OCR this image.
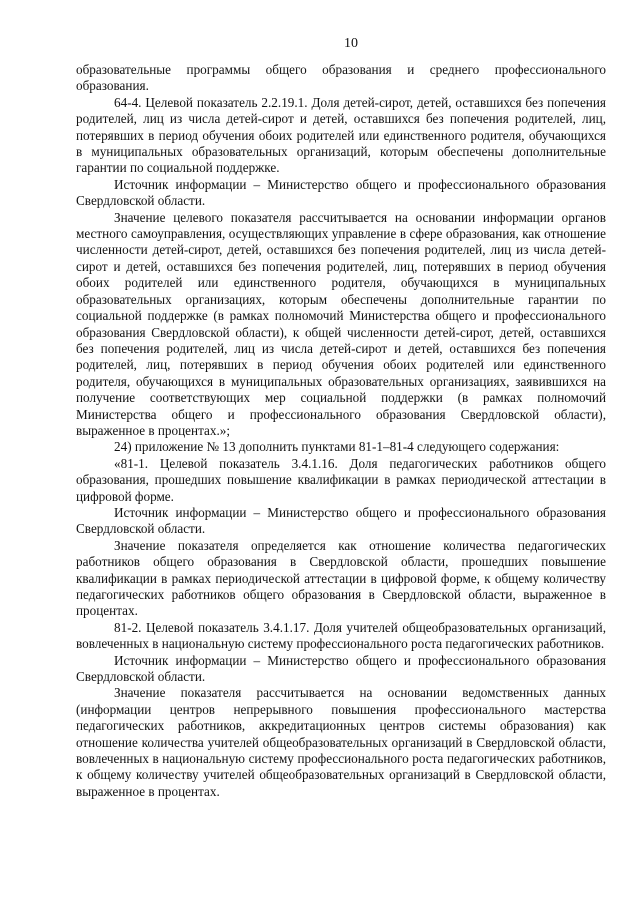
10

образовательные программы общего образования и среднего профессионального образования.

64-4. Целевой показатель 2.2.19.1. Доля детей-сирот, детей, оставшихся без попечения родителей, лиц из числа детей-сирот и детей, оставшихся без попечения родителей, лиц, потерявших в период обучения обоих родителей или единственного родителя, обучающихся в муниципальных образовательных организаций, которым обеспечены дополнительные гарантии по социальной поддержке.

Источник информации – Министерство общего и профессионального образования Свердловской области.

Значение целевого показателя рассчитывается на основании информации органов местного самоуправления, осуществляющих управление в сфере образования, как отношение численности детей-сирот, детей, оставшихся без попечения родителей, лиц из числа детей-сирот и детей, оставшихся без попечения родителей, лиц, потерявших в период обучения обоих родителей или единственного родителя, обучающихся в муниципальных образовательных организациях, которым обеспечены дополнительные гарантии по социальной поддержке (в рамках полномочий Министерства общего и профессионального образования Свердловской области), к общей численности детей-сирот, детей, оставшихся без попечения родителей, лиц из числа детей-сирот и детей, оставшихся без попечения родителей, лиц, потерявших в период обучения обоих родителей или единственного родителя, обучающихся в муниципальных образовательных организациях, заявившихся на получение соответствующих мер социальной поддержки (в рамках полномочий Министерства общего и профессионального образования Свердловской области), выраженное в процентах.»;

24) приложение № 13 дополнить пунктами 81-1–81-4 следующего содержания:

«81-1. Целевой показатель 3.4.1.16. Доля педагогических работников общего образования, прошедших повышение квалификации в рамках периодической аттестации в цифровой форме.

Источник информации – Министерство общего и профессионального образования Свердловской области.

Значение показателя определяется как отношение количества педагогических работников общего образования в Свердловской области, прошедших повышение квалификации в рамках периодической аттестации в цифровой форме, к общему количеству педагогических работников общего образования в Свердловской области, выраженное в процентах.

81-2. Целевой показатель 3.4.1.17. Доля учителей общеобразовательных организаций, вовлеченных в национальную систему профессионального роста педагогических работников.

Источник информации – Министерство общего и профессионального образования Свердловской области.

Значение показателя рассчитывается на основании ведомственных данных (информации центров непрерывного повышения профессионального мастерства педагогических работников, аккредитационных центров системы образования) как отношение количества учителей общеобразовательных организаций в Свердловской области, вовлеченных в национальную систему профессионального роста педагогических работников, к общему количеству учителей общеобразовательных организаций в Свердловской области, выраженное в процентах.
